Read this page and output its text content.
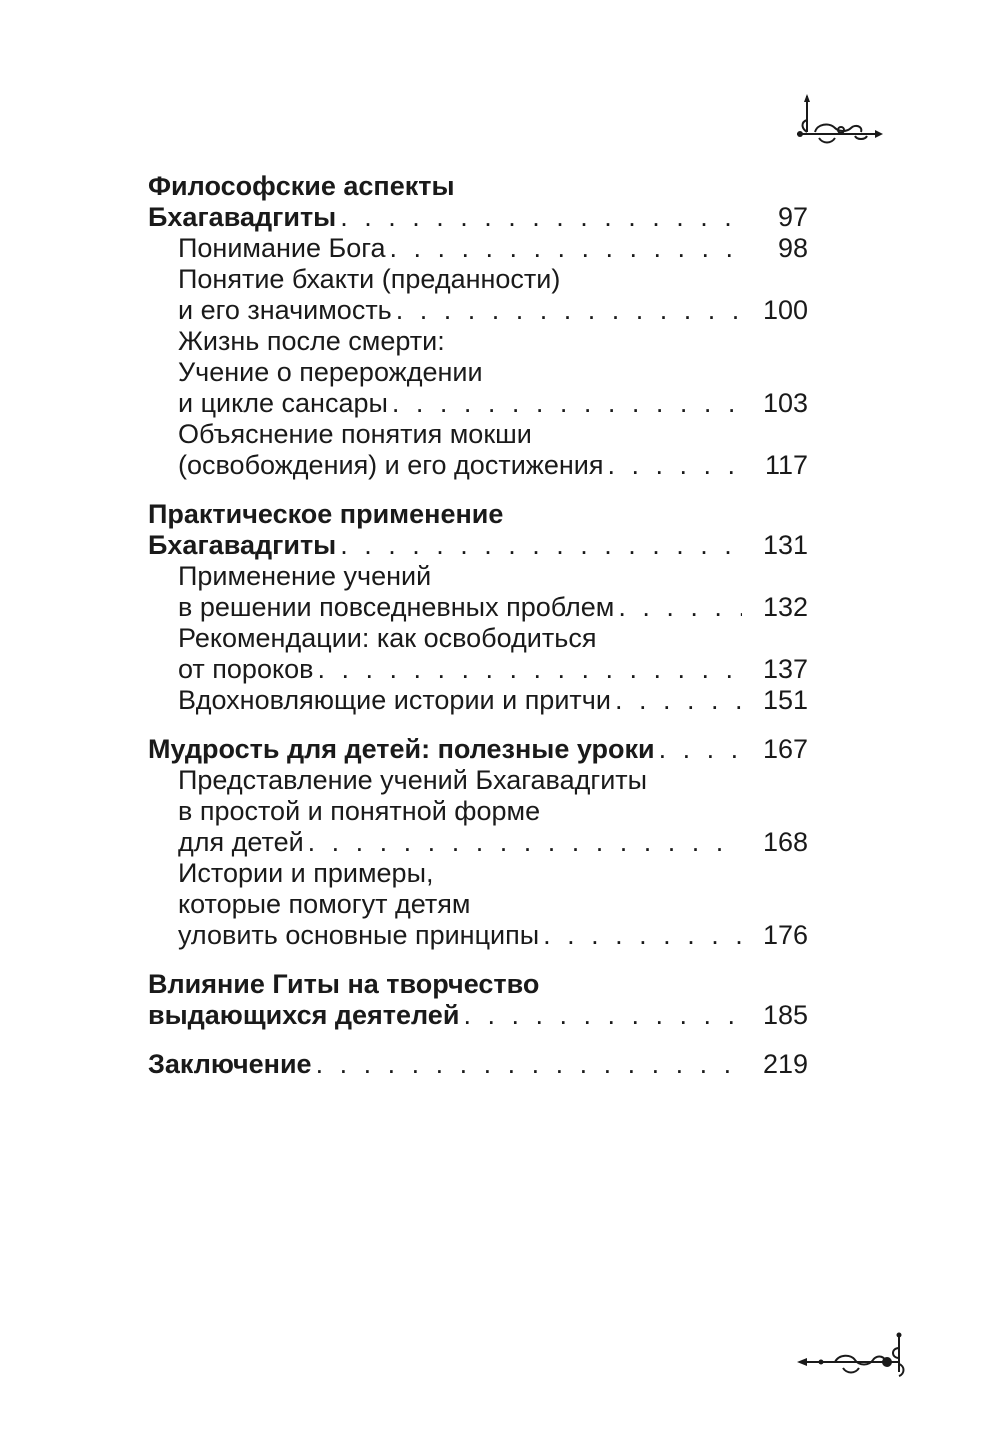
Философские аспекты
Бхагавадгиты . . .	97
Понимание Бога . . .	98
Понятие бхакти (преданности)
и его значимость . . .	100
Жизнь после смерти:
Учение о перерождении
и цикле сансары . . .	103
Объяснение понятия мокши
(освобождения) и его достижения . . .	117
Практическое применение
Бхагавадгиты . . .	131
Применение учений
в решении повседневных проблем . . .	132
Рекомендации: как освободиться
от пороков . . .	137
Вдохновляющие истории и притчи . . .	151
Мудрость для детей: полезные уроки . . .	167
Представление учений Бхагавадгиты
в простой и понятной форме
для детей . . .	168
Истории и примеры,
которые помогут детям
уловить основные принципы . . .	176
Влияние Гиты на творчество
выдающихся деятелей . . .	185
Заключение . . .	219
